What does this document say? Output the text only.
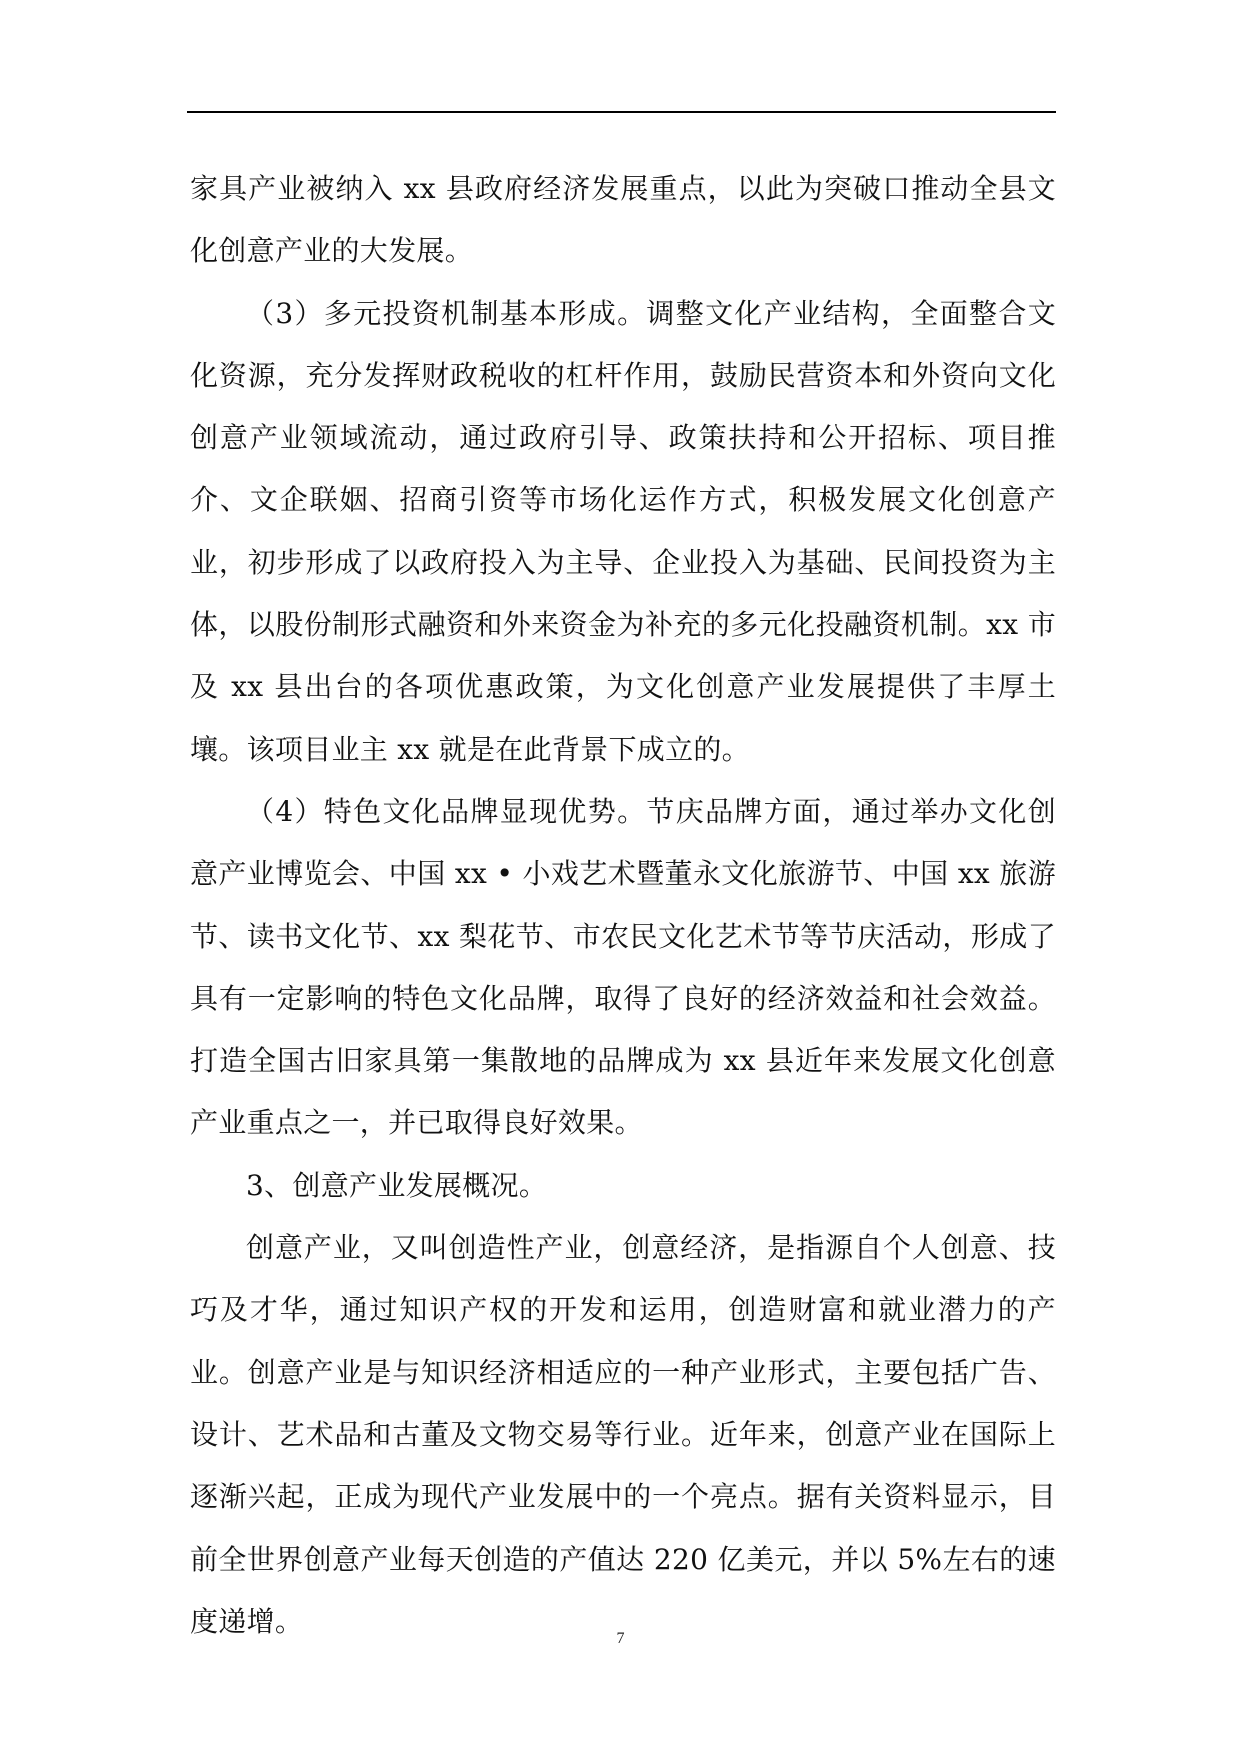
家具产业被纳入 xx 县政府经济发展重点，以此为突破口推动全县文化创意产业的大发展。

（3）多元投资机制基本形成。调整文化产业结构，全面整合文化资源，充分发挥财政税收的杠杆作用，鼓励民营资本和外资向文化创意产业领域流动，通过政府引导、政策扶持和公开招标、项目推介、文企联姻、招商引资等市场化运作方式，积极发展文化创意产业，初步形成了以政府投入为主导、企业投入为基础、民间投资为主体，以股份制形式融资和外来资金为补充的多元化投融资机制。xx 市及 xx 县出台的各项优惠政策，为文化创意产业发展提供了丰厚土壤。该项目业主 xx 就是在此背景下成立的。

（4）特色文化品牌显现优势。节庆品牌方面，通过举办文化创意产业博览会、中国 xx • 小戏艺术暨董永文化旅游节、中国 xx 旅游节、读书文化节、xx 梨花节、市农民文化艺术节等节庆活动，形成了具有一定影响的特色文化品牌，取得了良好的经济效益和社会效益。打造全国古旧家具第一集散地的品牌成为 xx 县近年来发展文化创意产业重点之一，并已取得良好效果。

3、创意产业发展概况。

创意产业，又叫创造性产业，创意经济，是指源自个人创意、技巧及才华，通过知识产权的开发和运用，创造财富和就业潜力的产业。创意产业是与知识经济相适应的一种产业形式，主要包括广告、设计、艺术品和古董及文物交易等行业。近年来，创意产业在国际上逐渐兴起，正成为现代产业发展中的一个亮点。据有关资料显示，目前全世界创意产业每天创造的产值达 220 亿美元，并以 5%左右的速度递增。

7
